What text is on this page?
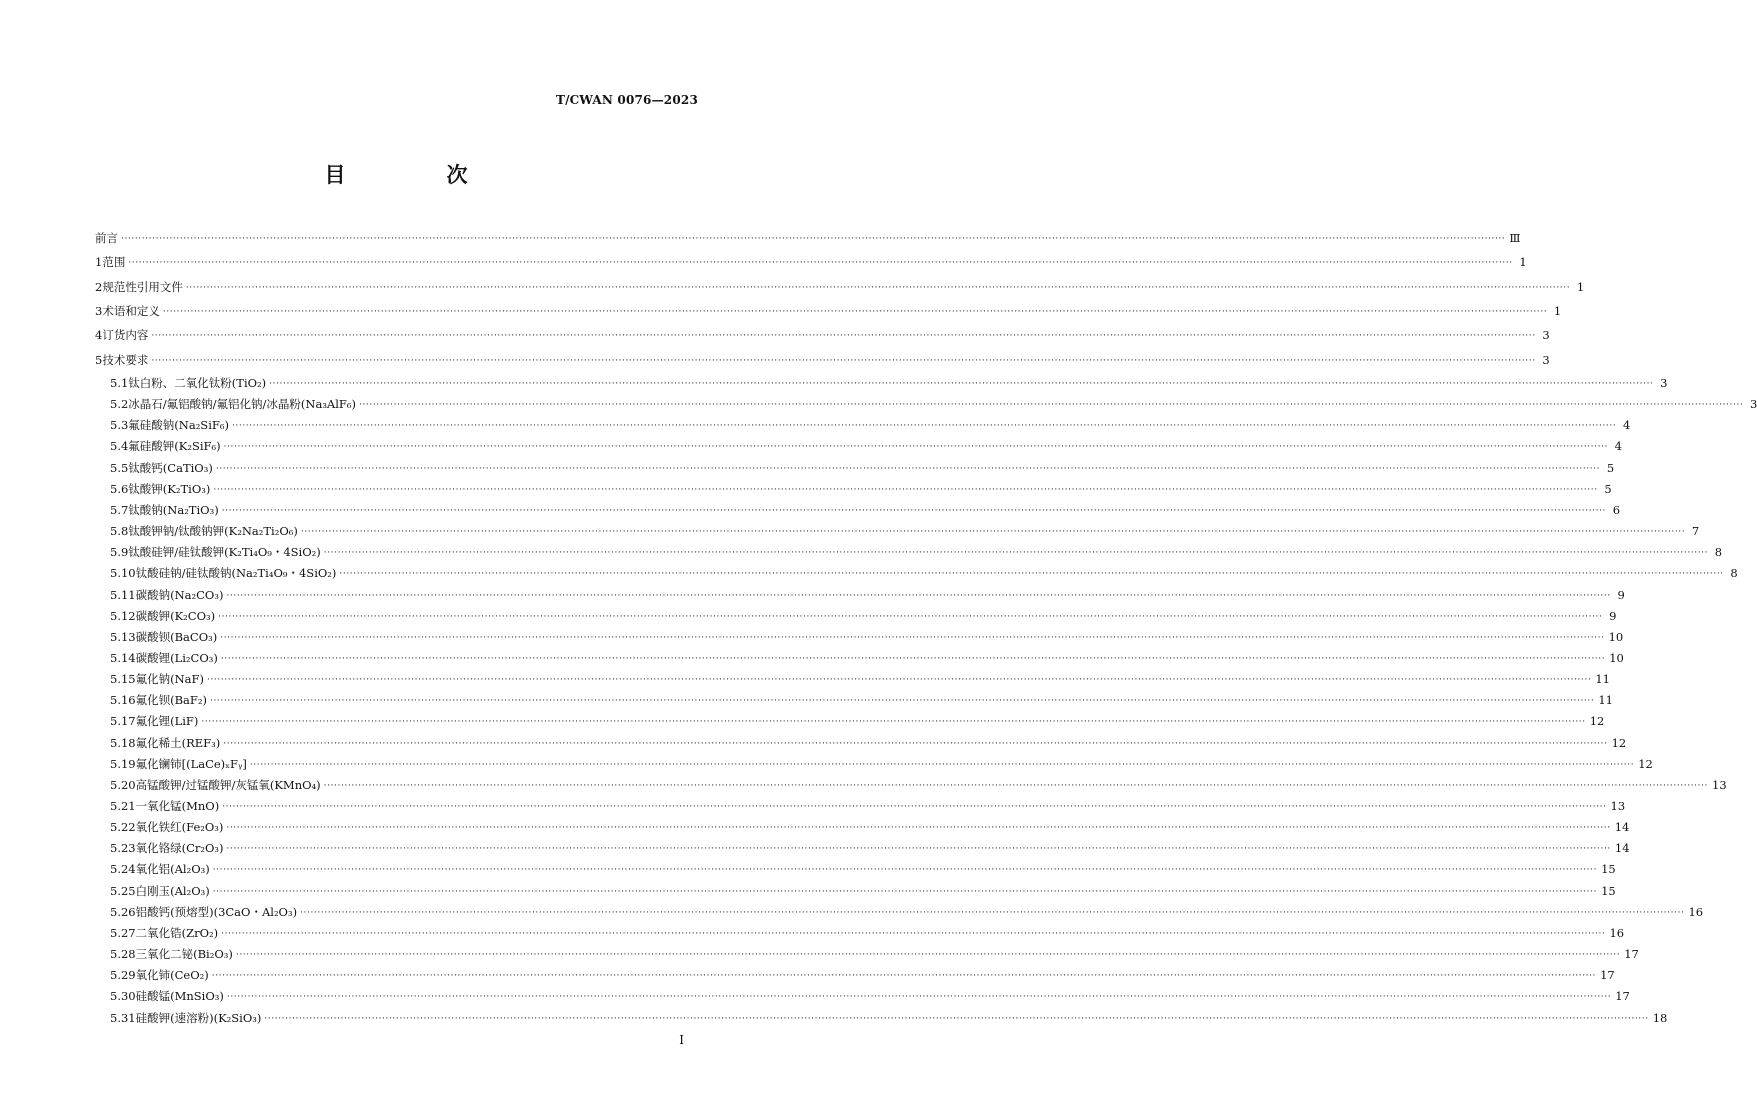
T/CWAN 0076—2023
目　次
前言 ················································································································································································································································································································································································································ Ⅲ
1 范围 ················································································································································································································································································································································································································ 1
2 规范性引用文件 ················································································································································································································································································································································································································ 1
3 术语和定义 ················································································································································································································································································································································································································ 1
4 订货内容 ················································································································································································································································································································································································································ 3
5 技术要求 ················································································································································································································································································································································································································ 3
5.1 钛白粉、二氧化钛粉(TiO₂) ················································································································································································································································································································································································································ 3
5.2 冰晶石/氟铝酸钠/氟铝化钠/冰晶粉(Na₃AlF₆) ················································································································································································································································································································································································································ 3
5.3 氟硅酸钠(Na₂SiF₆) ················································································································································································································································································································································································································ 4
5.4 氟硅酸钾(K₂SiF₆) ················································································································································································································································································································································································································ 4
5.5 钛酸钙(CaTiO₃) ················································································································································································································································································································································································································ 5
5.6 钛酸钾(K₂TiO₃) ················································································································································································································································································································································································································ 5
5.7 钛酸钠(Na₂TiO₃) ················································································································································································································································································································································································································ 6
5.8 钛酸钾钠/钛酸钠钾(K₂Na₂Ti₂O₆) ················································································································································································································································································································································································································ 7
5.9 钛酸硅钾/硅钛酸钾(K₂Ti₄O₉・4SiO₂) ················································································································································································································································································································································································································ 8
5.10 钛酸硅钠/硅钛酸钠(Na₂Ti₄O₉・4SiO₂) ················································································································································································································································································································································································································ 8
5.11 碳酸钠(Na₂CO₃) ················································································································································································································································································································································································································ 9
5.12 碳酸钾(K₂CO₃) ················································································································································································································································································································································································································ 9
5.13 碳酸钡(BaCO₃) ················································································································································································································································································································································································································ 10
5.14 碳酸锂(Li₂CO₃) ················································································································································································································································································································································································································ 10
5.15 氟化钠(NaF) ················································································································································································································································································································································································································ 11
5.16 氟化钡(BaF₂) ················································································································································································································································································································································································································ 11
5.17 氟化锂(LiF) ················································································································································································································································································································································································································ 12
5.18 氟化稀土(REF₃) ················································································································································································································································································································································································································ 12
5.19 氟化镧铈[(LaCe)ₓFᵧ] ················································································································································································································································································································································································································ 12
5.20 高锰酸钾/过锰酸钾/灰锰氧(KMnO₄) ················································································································································································································································································································································································································ 13
5.21 一氧化锰(MnO) ················································································································································································································································································································································································································ 13
5.22 氧化铁红(Fe₂O₃) ················································································································································································································································································································································································································ 14
5.23 氧化铬绿(Cr₂O₃) ················································································································································································································································································································································································································ 14
5.24 氧化铝(Al₂O₃) ················································································································································································································································································································································································································ 15
5.25 白刚玉(Al₂O₃) ················································································································································································································································································································································································································ 15
5.26 铝酸钙(预熔型)(3CaO・Al₂O₃) ················································································································································································································································································································································································································ 16
5.27 二氧化锆(ZrO₂) ················································································································································································································································································································································································································ 16
5.28 三氧化二铋(Bi₂O₃) ················································································································································································································································································································································································································ 17
5.29 氧化铈(CeO₂) ················································································································································································································································································································································································································ 17
5.30 硅酸锰(MnSiO₃) ················································································································································································································································································································································································································ 17
5.31 硅酸钾(速溶粉)(K₂SiO₃) ················································································································································································································································································································································································································ 18
I
